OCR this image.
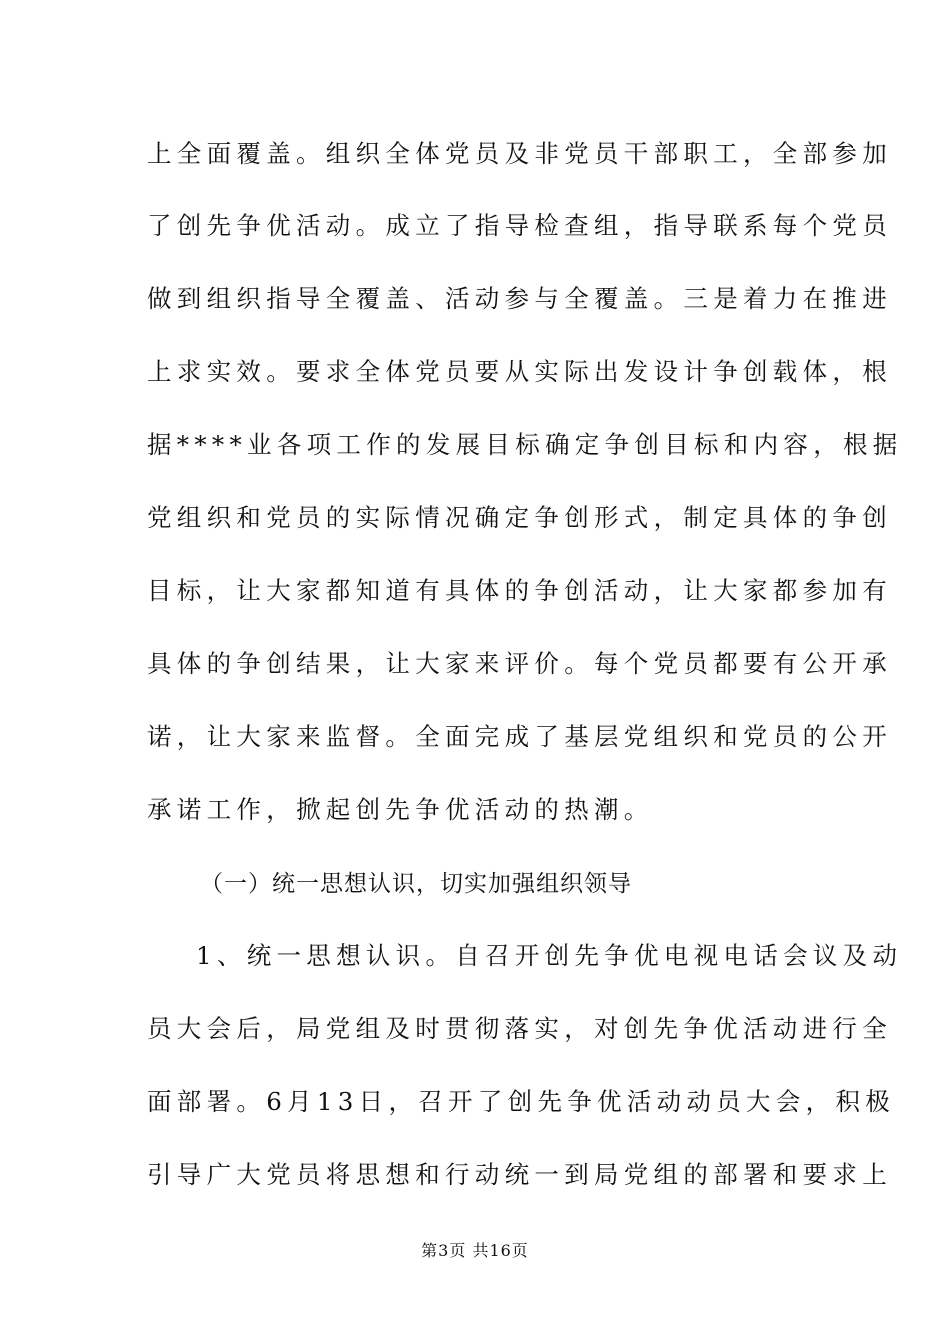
上全面覆盖。组织全体党员及非党员干部职工，全部参加
了创先争优活动。成立了指导检查组，指导联系每个党员
做到组织指导全覆盖、活动参与全覆盖。三是着力在推进
上求实效。要求全体党员要从实际出发设计争创载体，根
据****业各项工作的发展目标确定争创目标和内容，根据
党组织和党员的实际情况确定争创形式，制定具体的争创
目标，让大家都知道有具体的争创活动，让大家都参加有
具体的争创结果，让大家来评价。每个党员都要有公开承
诺，让大家来监督。全面完成了基层党组织和党员的公开
承诺工作，掀起创先争优活动的热潮。
（一）统一思想认识，切实加强组织领导
1、统一思想认识。自召开创先争优电视电话会议及动
员大会后，局党组及时贯彻落实，对创先争优活动进行全
面部署。6月13日，召开了创先争优活动动员大会，积极
引导广大党员将思想和行动统一到局党组的部署和要求上
第3页 共16页
